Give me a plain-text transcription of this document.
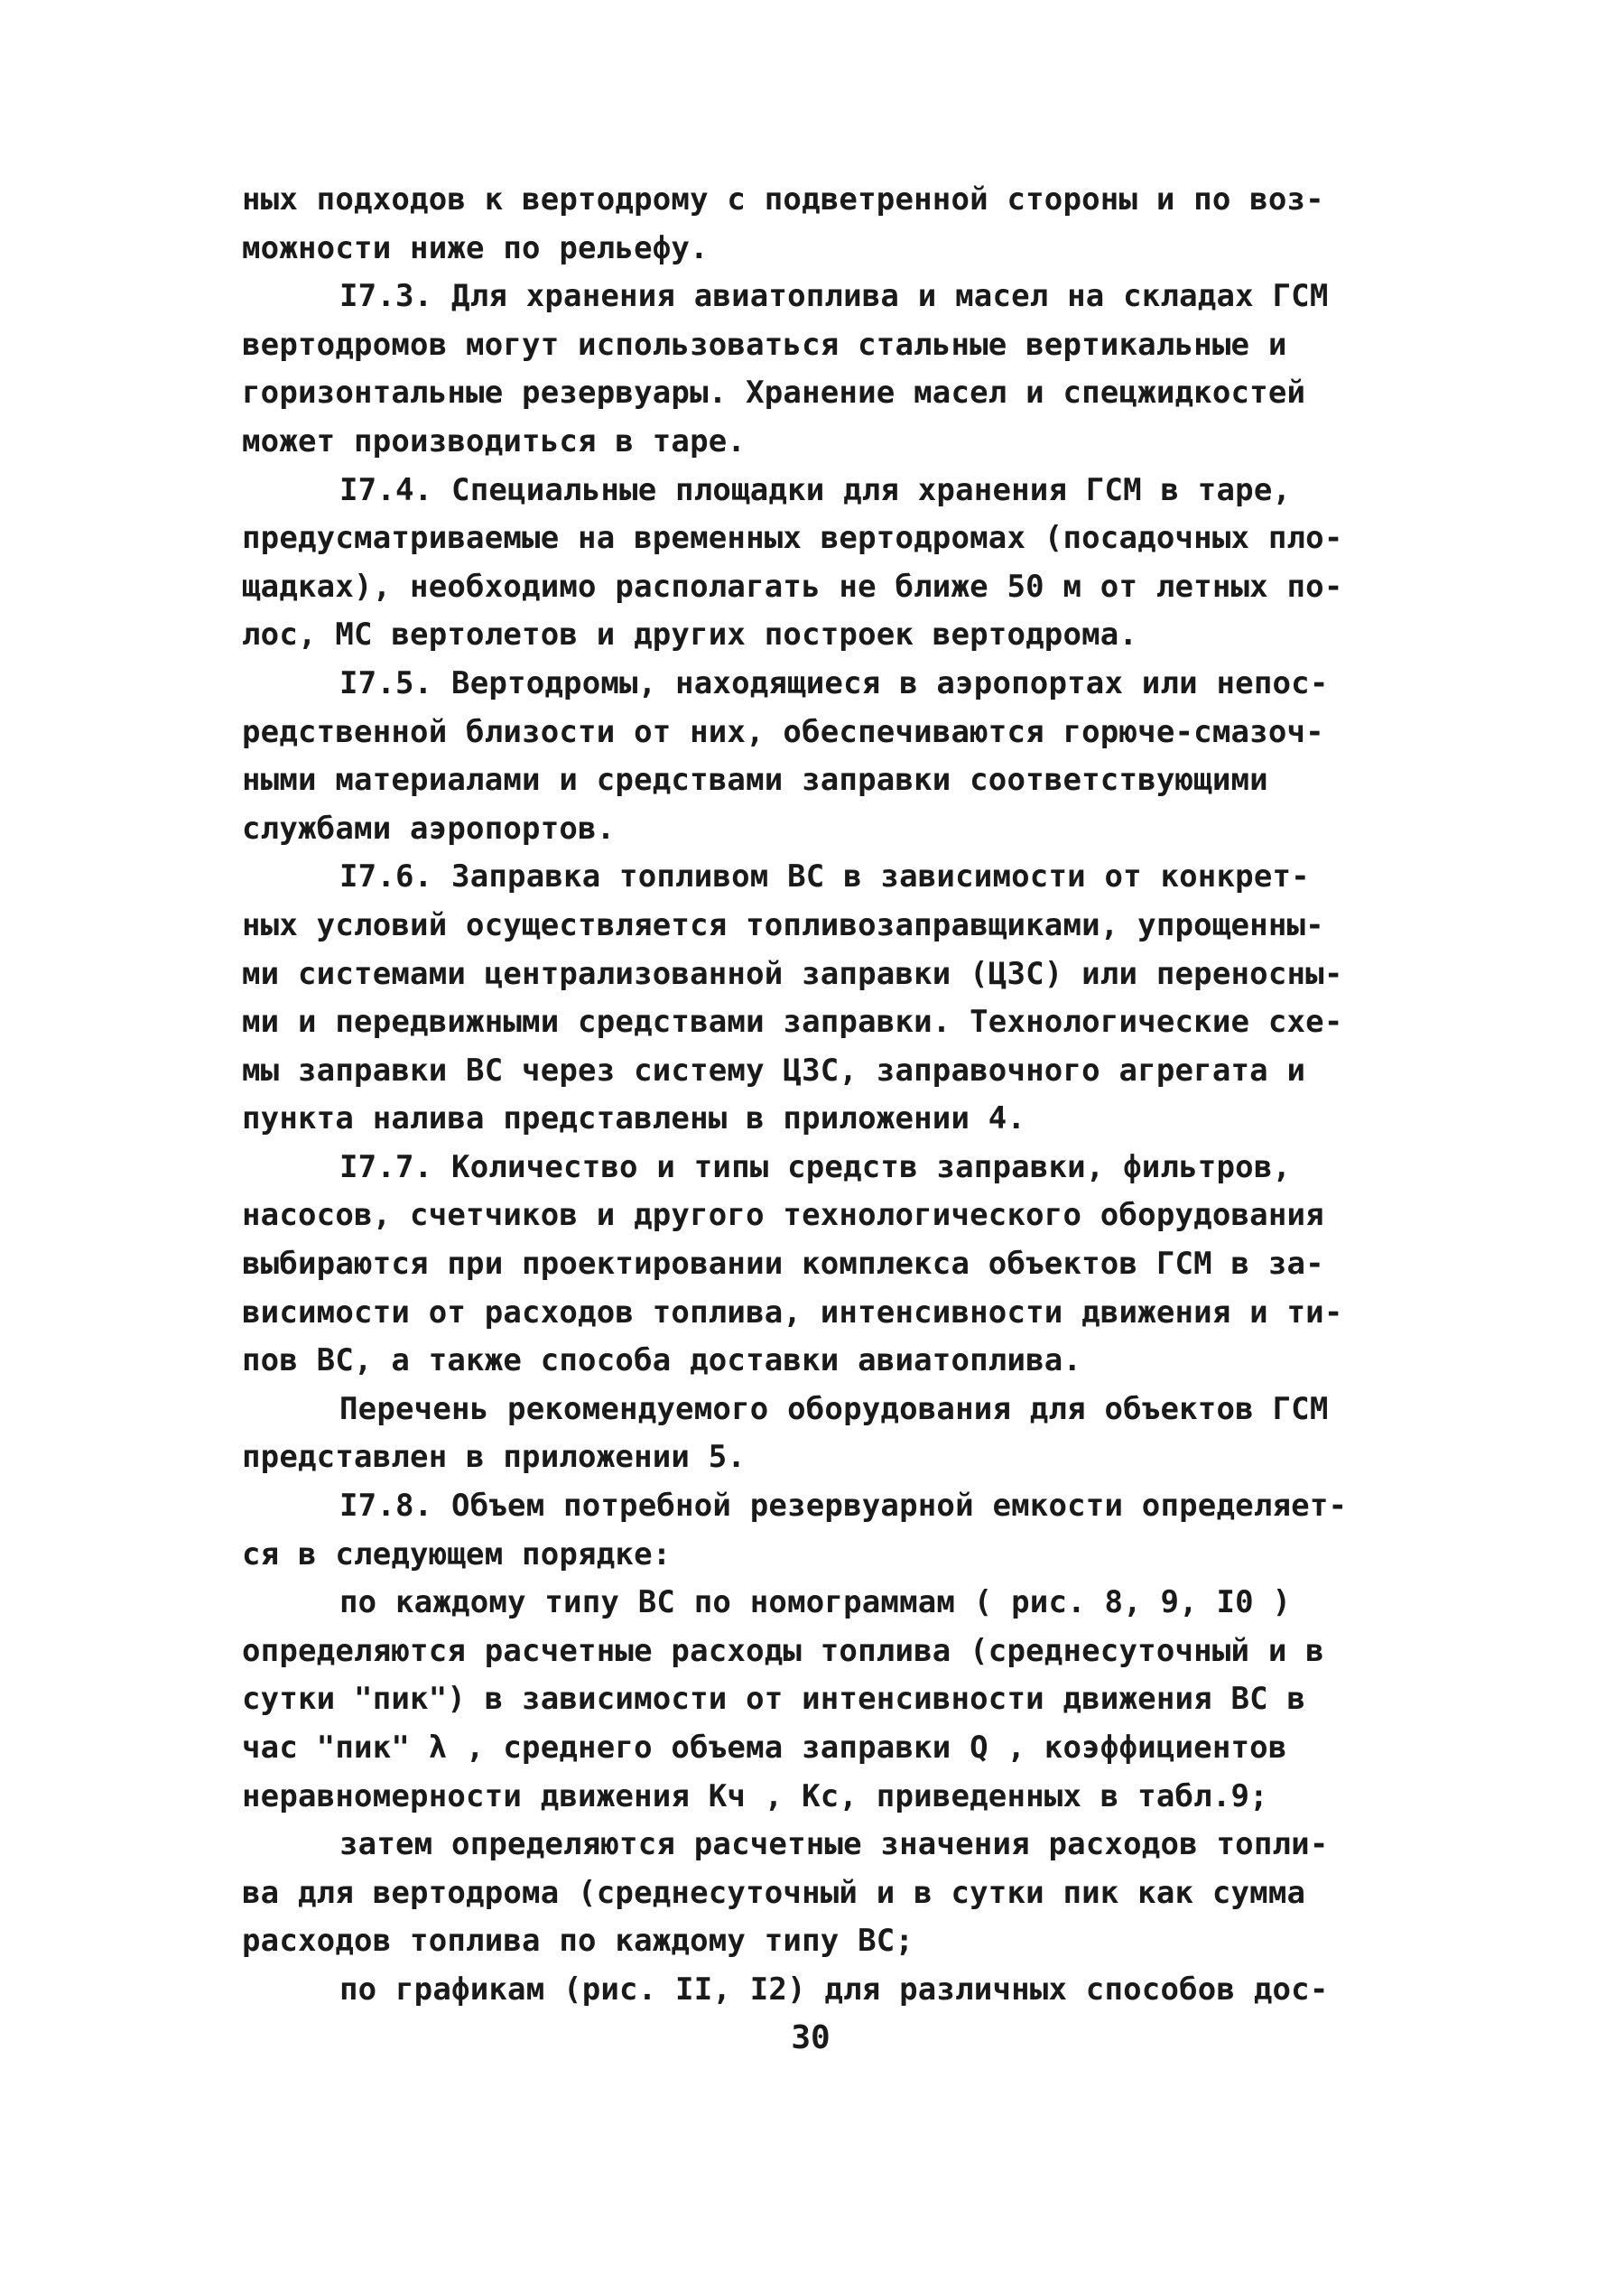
ных подходов к вертодрому с подветренной стороны и по воз-
можности ниже по рельефу.
I7.3. Для хранения авиатоплива и масел на складах ГСМ
вертодромов могут использоваться стальные вертикальные и
горизонтальные резервуары. Хранение масел и спецжидкостей
может производиться в таре.
I7.4. Специальные площадки для хранения ГСМ в таре,
предусматриваемые на временных вертодромах (посадочных пло-
щадках), необходимо располагать не ближе 50 м от летных по-
лос, МС вертолетов и других построек вертодрома.
I7.5. Вертодромы, находящиеся в аэропортах или непос-
редственной близости от них, обеспечиваются горюче-смазоч-
ными материалами и средствами заправки соответствующими
службами аэропортов.
I7.6. Заправка топливом ВС в зависимости от конкрет-
ных условий осуществляется топливозаправщиками, упрощенны-
ми системами централизованной заправки (ЦЗС) или переносны-
ми и передвижными средствами заправки. Технологические схе-
мы заправки ВС через систему ЦЗС, заправочного агрегата и
пункта налива представлены в приложении 4.
I7.7. Количество и типы средств заправки, фильтров,
насосов, счетчиков и другого технологического оборудования
выбираются при проектировании комплекса объектов ГСМ в за-
висимости от расходов топлива, интенсивности движения и ти-
пов ВС, а также способа доставки авиатоплива.
Перечень рекомендуемого оборудования для объектов ГСМ
представлен в приложении 5.
I7.8. Объем потребной резервуарной емкости определяет-
ся в следующем порядке:
по каждому типу ВС по номограммам ( рис. 8, 9, I0 )
определяются расчетные расходы топлива (среднесуточный и в
сутки "пик") в зависимости от интенсивности движения ВС в
час "пик" λ , среднего объема заправки Q , коэффициентов
неравномерности движения Kч , Kс, приведенных в табл.9;
затем определяются расчетные значения расходов топли-
ва для вертодрома (среднесуточный и в сутки пик как сумма
расходов топлива по каждому типу ВС;
по графикам (рис. II, I2) для различных способов дос-
30
